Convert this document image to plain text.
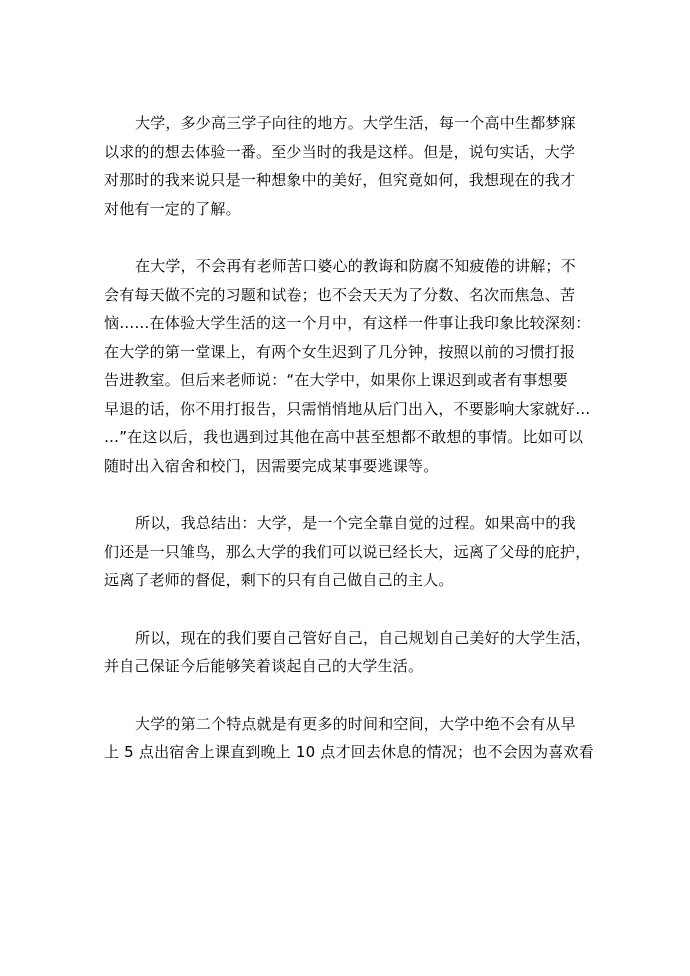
大学，多少高三学子向往的地方。大学生活，每一个高中生都梦寐
以求的的想去体验一番。至少当时的我是这样。但是，说句实话，大学
对那时的我来说只是一种想象中的美好，但究竟如何，我想现在的我才
对他有一定的了解。

在大学，不会再有老师苦口婆心的教诲和防腐不知疲倦的讲解；不
会有每天做不完的习题和试卷；也不会天天为了分数、名次而焦急、苦
恼……在体验大学生活的这一个月中，有这样一件事让我印象比较深刻：
在大学的第一堂课上，有两个女生迟到了几分钟，按照以前的习惯打报
告进教室。但后来老师说：“在大学中，如果你上课迟到或者有事想要
早退的话，你不用打报告，只需悄悄地从后门出入，不要影响大家就好…
…”在这以后，我也遇到过其他在高中甚至想都不敢想的事情。比如可以
随时出入宿舍和校门，因需要完成某事要逃课等。

所以，我总结出：大学，是一个完全靠自觉的过程。如果高中的我
们还是一只雏鸟，那么大学的我们可以说已经长大，远离了父母的庇护，
远离了老师的督促，剩下的只有自己做自己的主人。

所以，现在的我们要自己管好自己，自己规划自己美好的大学生活，
并自己保证今后能够笑着谈起自己的大学生活。

大学的第二个特点就是有更多的时间和空间，大学中绝不会有从早
上 5 点出宿舍上课直到晚上 10 点才回去休息的情况；也不会因为喜欢看
